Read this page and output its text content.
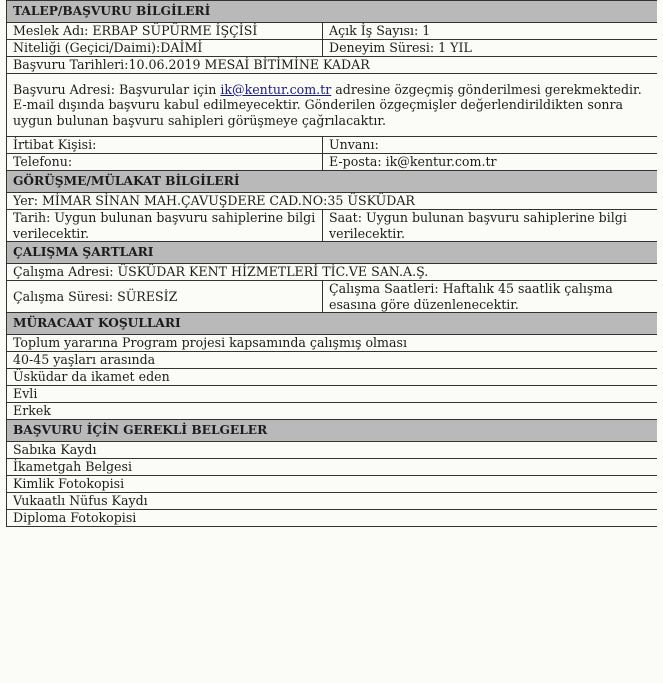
TALEP/BAŞVURU BİLGİLERİ	
Meslek Adı: ERBAP SÜPÜRME İŞÇİSİ	Açık İş Sayısı: 1
Niteliği (Geçici/Daimi):DAİMİ	Deneyim Süresi: 1 YIL
Başvuru Tarihleri:10.06.2019 MESAİ BİTİMİNE KADAR	
Başvuru Adresi: Başvurular için ik@kentur.com.tr adresine özgeçmiş gönderilmesi gerekmektedir. E-mail dışında başvuru kabul edilmeyecektir. Gönderilen özgeçmişler değerlendirildikten sonra uygun bulunan başvuru sahipleri görüşmeye çağrılacaktır.	
İrtibat Kişisi:	Unvanı:
Telefonu:	E-posta: ik@kentur.com.tr
GÖRÜŞME/MÜLAKAT BİLGİLERİ	
Yer: MİMAR SİNAN MAH.ÇAVUŞDERE CAD.NO:35 ÜSKÜDAR	
Tarih: Uygun bulunan başvuru sahiplerine bilgi verilecektir.	Saat: Uygun bulunan başvuru sahiplerine bilgi verilecektir.
ÇALIŞMA ŞARTLARI	
Çalışma Adresi: ÜSKÜDAR KENT HİZMETLERİ TİC.VE SAN.A.Ş.	
Çalışma Süresi: SÜRESİZ	Çalışma Saatleri: Haftalık 45 saatlik çalışma esasına göre düzenlenecektir.
MÜRACAAT KOŞULLARI	
Toplum yararına Program projesi kapsamında çalışmış olması	
40-45 yaşları arasında	
Üsküdar da ikamet eden	
Evli	
Erkek	
BAŞVURU İÇİN GEREKLİ BELGELER	
Sabıka Kaydı	
İkametgah Belgesi	
Kimlik Fotokopisi	
Vukaatlı Nüfus Kaydı	
Diploma Fotokopisi	
